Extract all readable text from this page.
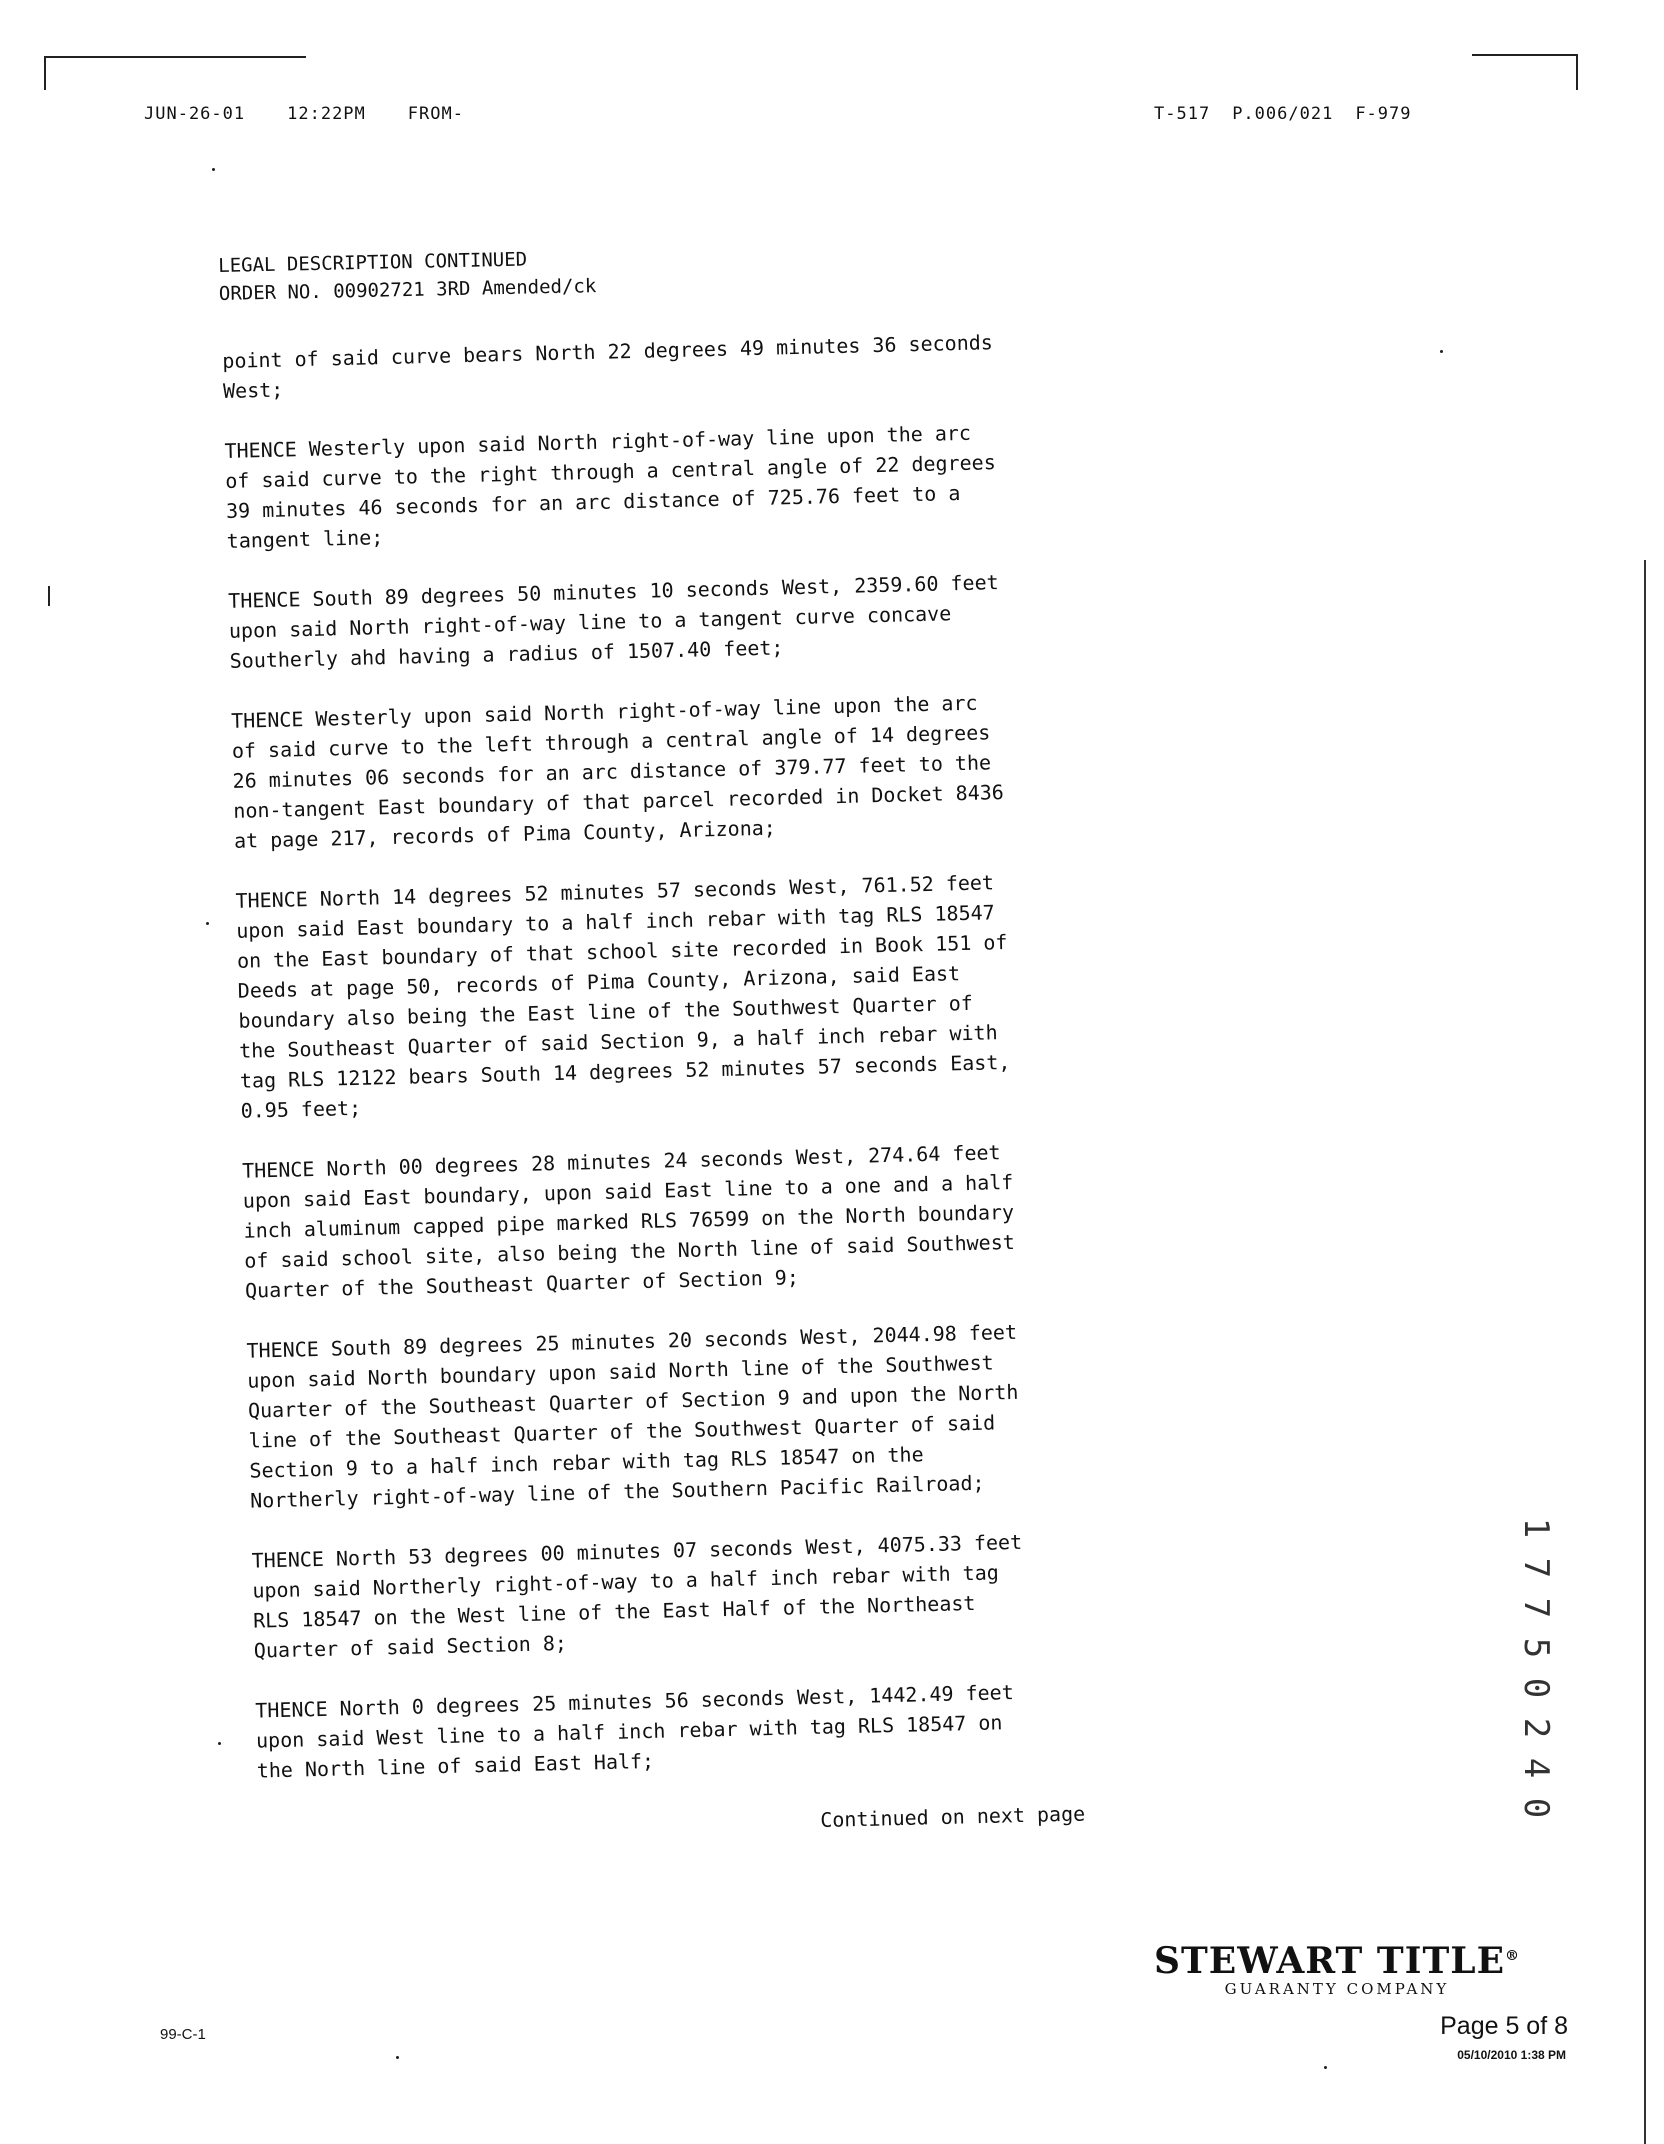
JUN-26-01 12:22PM FROM-	T-517 P.006/021 F-979
LEGAL DESCRIPTION CONTINUED
ORDER NO. 00902721 3RD Amended/ck

point of said curve bears North 22 degrees 49 minutes 36 seconds
West;

THENCE Westerly upon said North right-of-way line upon the arc
of said curve to the right through a central angle of 22 degrees
39 minutes 46 seconds for an arc distance of 725.76 feet to a
tangent line;

THENCE South 89 degrees 50 minutes 10 seconds West, 2359.60 feet
upon said North right-of-way line to a tangent curve concave
Southerly ahd having a radius of 1507.40 feet;

THENCE Westerly upon said North right-of-way line upon the arc
of said curve to the left through a central angle of 14 degrees
26 minutes 06 seconds for an arc distance of 379.77 feet to the
non-tangent East boundary of that parcel recorded in Docket 8436
at page 217, records of Pima County, Arizona;

THENCE North 14 degrees 52 minutes 57 seconds West, 761.52 feet
upon said East boundary to a half inch rebar with tag RLS 18547
on the East boundary of that school site recorded in Book 151 of
Deeds at page 50, records of Pima County, Arizona, said East
boundary also being the East line of the Southwest Quarter of
the Southeast Quarter of said Section 9, a half inch rebar with
tag RLS 12122 bears South 14 degrees 52 minutes 57 seconds East,
0.95 feet;

THENCE North 00 degrees 28 minutes 24 seconds West, 274.64 feet
upon said East boundary, upon said East line to a one and a half
inch aluminum capped pipe marked RLS 76599 on the North boundary
of said school site, also being the North line of said Southwest
Quarter of the Southeast Quarter of Section 9;

THENCE South 89 degrees 25 minutes 20 seconds West, 2044.98 feet
upon said North boundary upon said North line of the Southwest
Quarter of the Southeast Quarter of Section 9 and upon the North
line of the Southeast Quarter of the Southwest Quarter of said
Section 9 to a half inch rebar with tag RLS 18547 on the
Northerly right-of-way line of the Southern Pacific Railroad;

THENCE North 53 degrees 00 minutes 07 seconds West, 4075.33 feet
upon said Northerly right-of-way to a half inch rebar with tag
RLS 18547 on the West line of the East Half of the Northeast
Quarter of said Section 8;

THENCE North 0 degrees 25 minutes 56 seconds West, 1442.49 feet
upon said West line to a half inch rebar with tag RLS 18547 on
the North line of said East Half;

Continued on next page
1
7
7
5
0
2
4
0
STEWART TITLE®
GUARANTY COMPANY
99-C-1	Page 5 of 8
05/10/2010 1:38 PM
